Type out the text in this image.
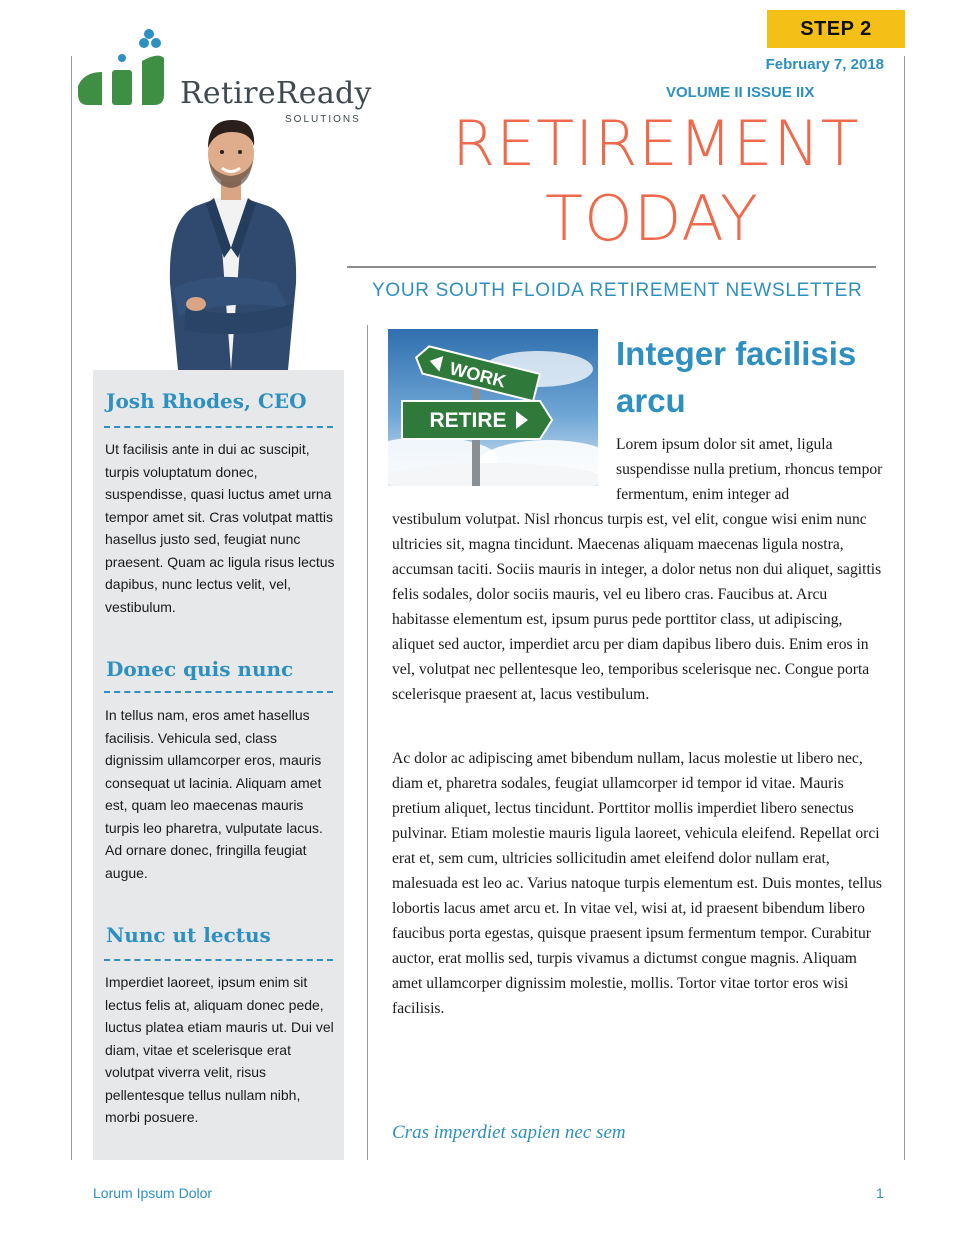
STEP 2
RetireReady
SOLUTIONS
February 7, 2018
VOLUME II ISSUE IIX
RETIREMENT
TODAY
YOUR SOUTH FLOIDA RETIREMENT NEWSLETTER
Josh Rhodes, CEO
Ut facilisis ante in dui ac suscipit, turpis voluptatum donec, suspendisse, quasi luctus amet urna tempor amet sit. Cras volutpat mattis hasellus justo sed, feugiat nunc praesent. Quam ac ligula risus lectus dapibus, nunc lectus velit, vel, vestibulum.
Donec quis nunc
In tellus nam, eros amet hasellus facilisis. Vehicula sed, class dignissim ullamcorper eros, mauris consequat ut lacinia. Aliquam amet est, quam leo maecenas mauris turpis leo pharetra, vulputate lacus. Ad ornare donec, fringilla feugiat augue.
Nunc ut lectus
Imperdiet laoreet, ipsum enim sit lectus felis at, aliquam donec pede, luctus platea etiam mauris ut. Dui vel diam, vitae et scelerisque erat volutpat viverra velit, risus pellentesque tellus nullam nibh, morbi posuere.
WORK
RETIRE
Integer facilisis arcu
Lorem ipsum dolor sit amet, ligula suspendisse nulla pretium, rhoncus tempor fermentum, enim integer ad
vestibulum volutpat. Nisl rhoncus turpis est, vel elit, congue wisi enim nunc ultricies sit, magna tincidunt. Maecenas aliquam maecenas ligula nostra, accumsan taciti. Sociis mauris in integer, a dolor netus non dui aliquet, sagittis felis sodales, dolor sociis mauris, vel eu libero cras. Faucibus at. Arcu habitasse elementum est, ipsum purus pede porttitor class, ut adipiscing, aliquet sed auctor, imperdiet arcu per diam dapibus libero duis. Enim eros in vel, volutpat nec pellentesque leo, temporibus scelerisque nec. Congue porta scelerisque praesent at, lacus vestibulum.
Ac dolor ac adipiscing amet bibendum nullam, lacus molestie ut libero nec, diam et, pharetra sodales, feugiat ullamcorper id tempor id vitae. Mauris pretium aliquet, lectus tincidunt. Porttitor mollis imperdiet libero senectus pulvinar. Etiam molestie mauris ligula laoreet, vehicula eleifend. Repellat orci erat et, sem cum, ultricies sollicitudin amet eleifend dolor nullam erat, malesuada est leo ac. Varius natoque turpis elementum est. Duis montes, tellus lobortis lacus amet arcu et. In vitae vel, wisi at, id praesent bibendum libero faucibus porta egestas, quisque praesent ipsum fermentum tempor. Curabitur auctor, erat mollis sed, turpis vivamus a dictumst congue magnis. Aliquam amet ullamcorper dignissim molestie, mollis. Tortor vitae tortor eros wisi facilisis.
Cras imperdiet sapien nec sem
Lorum Ipsum Dolor	1
